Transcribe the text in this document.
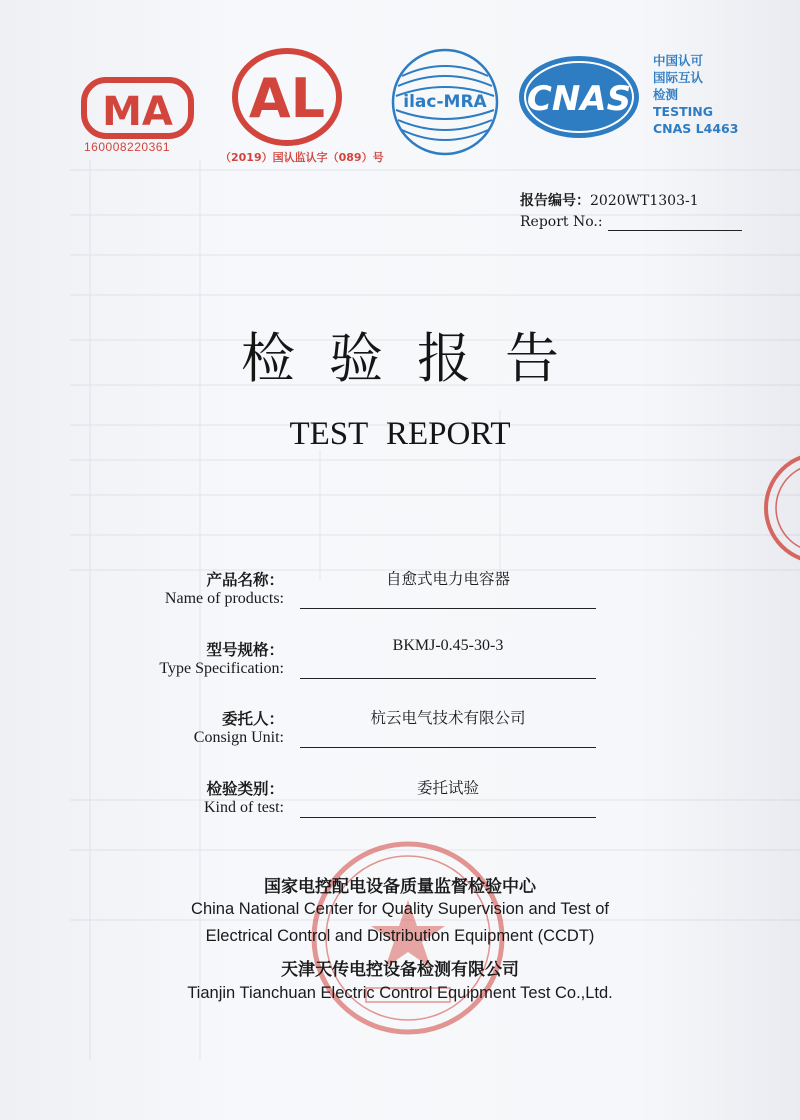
MA
160008220361
AL
（2019）国认监认字（089）号
ilac-MRA CNAS
中国认可
国际互认
检测
TESTING
CNAS L4463
报告编号：2020WT1303-1
Report No.:
检验报告
TEST REPORT
产品名称：
Name of products:
自愈式电力电容器
型号规格：
Type Specification:
BKMJ-0.45-30-3
委托人：
Consign Unit:
杭云电气技术有限公司
检验类别：
Kind of test:
委托试验
国家电控配电设备质量监督检验中心
China National Center for Quality Supervision and Test of
Electrical Control and Distribution Equipment (CCDT)
天津天传电控设备检测有限公司
Tianjin Tianchuan Electric Control Equipment Test Co.,Ltd.
